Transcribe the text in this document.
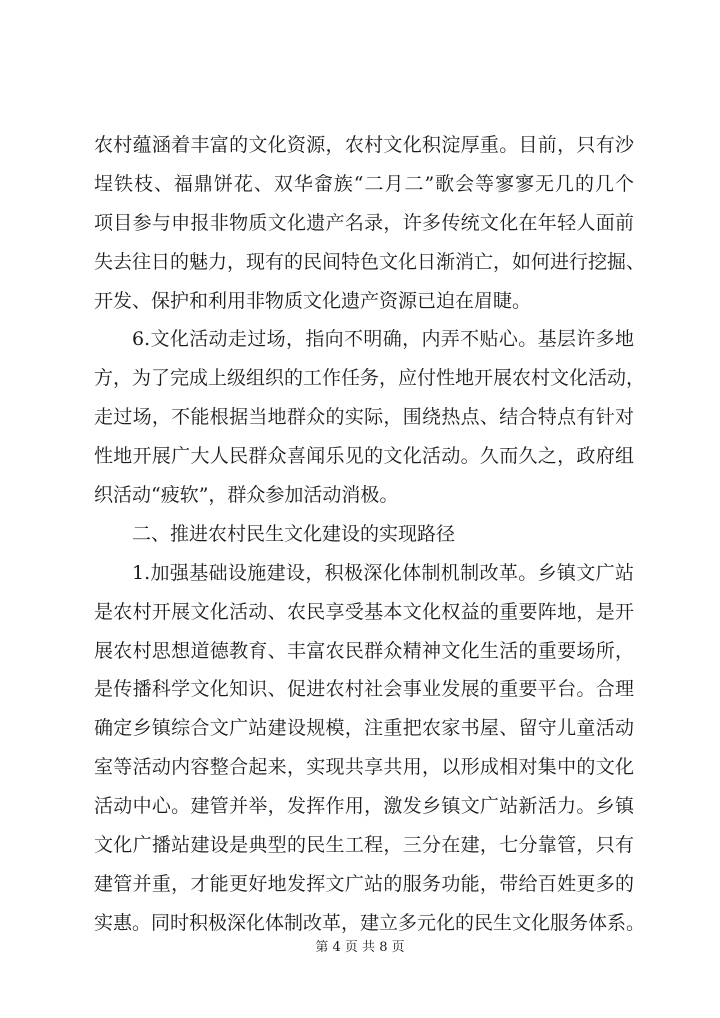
农村蕴涵着丰富的文化资源，农村文化积淀厚重。目前，只有沙
埕铁枝、福鼎饼花、双华畲族“二月二”歌会等寥寥无几的几个
项目参与申报非物质文化遗产名录，许多传统文化在年轻人面前
失去往日的魅力，现有的民间特色文化日渐消亡，如何进行挖掘、
开发、保护和利用非物质文化遗产资源已迫在眉睫。
6.文化活动走过场，指向不明确，内弄不贴心。基层许多地
方，为了完成上级组织的工作任务，应付性地开展农村文化活动，
走过场，不能根据当地群众的实际，围绕热点、结合特点有针对
性地开展广大人民群众喜闻乐见的文化活动。久而久之，政府组
织活动“疲软”，群众参加活动消极。
二、推进农村民生文化建设的实现路径
1.加强基础设施建设，积极深化体制机制改革。乡镇文广站
是农村开展文化活动、农民享受基本文化权益的重要阵地，是开
展农村思想道德教育、丰富农民群众精神文化生活的重要场所，
是传播科学文化知识、促进农村社会事业发展的重要平台。合理
确定乡镇综合文广站建设规模，注重把农家书屋、留守儿童活动
室等活动内容整合起来，实现共享共用，以形成相对集中的文化
活动中心。建管并举，发挥作用，激发乡镇文广站新活力。乡镇
文化广播站建设是典型的民生工程，三分在建，七分靠管，只有
建管并重，才能更好地发挥文广站的服务功能，带给百姓更多的
实惠。同时积极深化体制改革，建立多元化的民生文化服务体系。
第 4 页 共 8 页
